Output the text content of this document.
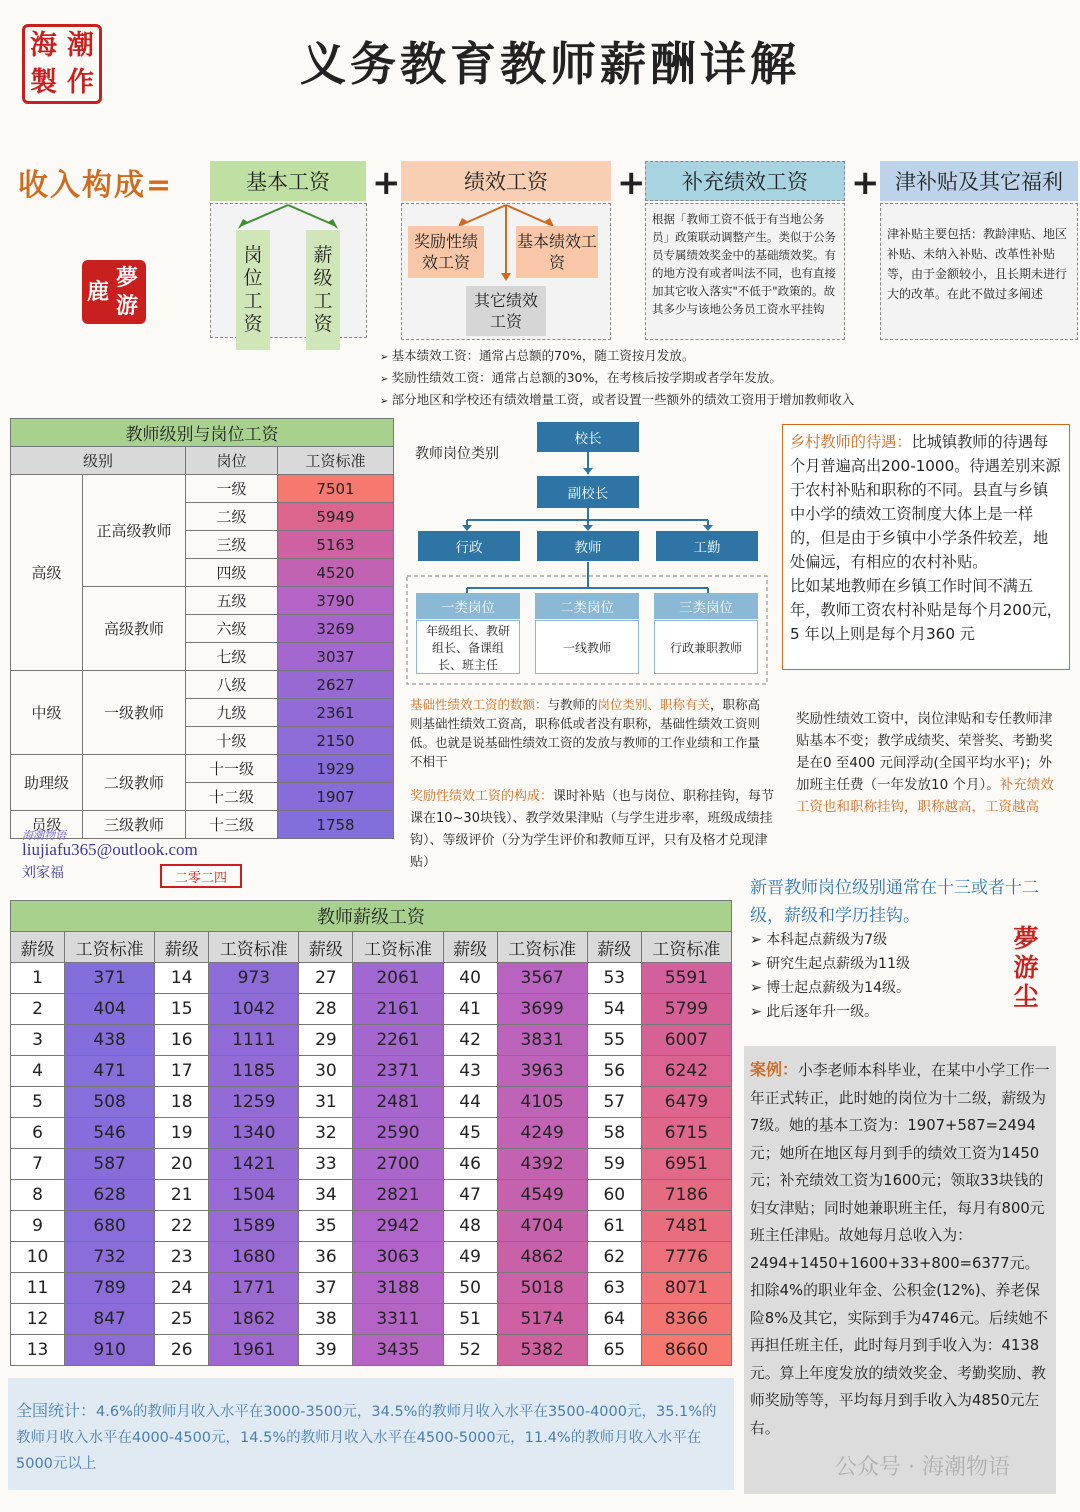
海 潮
製 作	义务教育教师薪酬详解
收入构成=	基本工资	+	绩效工资	+	补充绩效工资	+ 津补贴及其它福利
岗位工资
薪级工资
奖励性绩效工资
基本绩效工资
其它绩效工资
根据「教师工资不低于有当地公务员」政策联动调整产生。类似于公务员专属绩效奖金中的基础绩效奖。有的地方没有或者叫法不同，也有直接加其它收入落实"不低于"政策的。故其多少与该地公务员工资水平挂钩
津补贴主要包括：教龄津贴、地区补贴、未纳入补贴、改革性补贴等，由于金额较小，且长期未进行大的改革。在此不做过多阐述
鹿
夢
游
➢ 基本绩效工资：通常占总额的70%，随工资按月发放。
➢ 奖励性绩效工资：通常占总额的30%，在考核后按学期或者学年发放。
➢ 部分地区和学校还有绩效增量工资，或者设置一些额外的绩效工资用于增加教师收入
教师级别与岗位工资

级别		岗位	工资标准
高级	正高级教师	一级	7501
		二级	5949
		三级	5163
		四级	4520
	高级教师	五级	3790
		六级	3269
		七级	3037
中级	一级教师	八级	2627
		九级	2361
		十级	2150
助理级	二级教师	十一级	1929
		十二级	1907
员级	三级教师	十三级	1758
海潮物语
liujiafu365@outlook.com
刘家福	二零二四
教师岗位类别
校长
副校长
行政	教师	工勤
一类岗位	二类岗位	三类岗位
年级组长、教研组长、备课组长、班主任
一线教师	行政兼职教师
基础性绩效工资的数额：与教师的岗位类别、职称有关，职称高则基础性绩效工资高，职称低或者没有职称，基础性绩效工资则低。也就是说基础性绩效工资的发放与教师的工作业绩和工作量不相干
奖励性绩效工资的构成：课时补贴（也与岗位、职称挂钩，每节课在10~30块钱）、教学效果津贴（与学生进步率，班级成绩挂钩）、等级评价（分为学生评价和教师互评，只有及格才兑现津贴）
乡村教师的待遇：比城镇教师的待遇每个月普遍高出200-1000。待遇差别来源于农村补贴和职称的不同。县直与乡镇中小学的绩效工资制度大体上是一样的，但是由于乡镇中小学条件较差，地处偏远，有相应的农村补贴。
比如某地教师在乡镇工作时间不满五年，教师工资农村补贴是每个月200元，5 年以上则是每个月360 元
奖励性绩效工资中，岗位津贴和专任教师津贴基本不变；教学成绩奖、荣誉奖、考勤奖是在0 至400 元间浮动(全国平均水平)；外加班主任费（一年发放10 个月）。补充绩效工资也和职称挂钩，职称越高，工资越高
新晋教师岗位级别通常在十三或者十二级，薪级和学历挂钩。
➢ 本科起点薪级为7级
➢ 研究生起点薪级为11级
➢ 博士起点薪级为14级。
➢ 此后逐年升一级。
夢
游
尘
教师薪级工资									
薪级	工资标准	薪级	工资标准	薪级	工资标准	薪级	工资标准	薪级	工资标准
1	371	14	973	27	2061	40	3567	53	5591
2	404	15	1042	28	2161	41	3699	54	5799
3	438	16	1111	29	2261	42	3831	55	6007
4	471	17	1185	30	2371	43	3963	56	6242
5	508	18	1259	31	2481	44	4105	57	6479
6	546	19	1340	32	2590	45	4249	58	6715
7	587	20	1421	33	2700	46	4392	59	6951
8	628	21	1504	34	2821	47	4549	60	7186
9	680	22	1589	35	2942	48	4704	61	7481
10	732	23	1680	36	3063	49	4862	62	7776
11	789	24	1771	37	3188	50	5018	63	8071
12	847	25	1862	38	3311	51	5174	64	8366
13	910	26	1961	39	3435	52	5382	65	8660
全国统计：4.6%的教师月收入水平在3000-3500元，34.5%的教师月收入水平在3500-4000元，35.1%的教师月收入水平在4000-4500元，14.5%的教师月收入水平在4500-5000元，11.4%的教师月收入水平在5000元以上
案例：小李老师本科毕业，在某中小学工作一年正式转正，此时她的岗位为十二级，薪级为7级。她的基本工资为：1907+587=2494元；她所在地区每月到手的绩效工资为1450元；补充绩效工资为1600元；领取33块钱的妇女津贴；同时她兼职班主任，每月有800元班主任津贴。故她每月总收入为：2494+1450+1600+33+800=6377元。扣除4%的职业年金、公积金(12%)、养老保险8%及其它，实际到手为4746元。后续她不再担任班主任，此时每月到手收入为：4138元。算上年度发放的绩效奖金、考勤奖励、教师奖励等等，平均每月到手收入为4850元左右。
公众号 · 海潮物语
